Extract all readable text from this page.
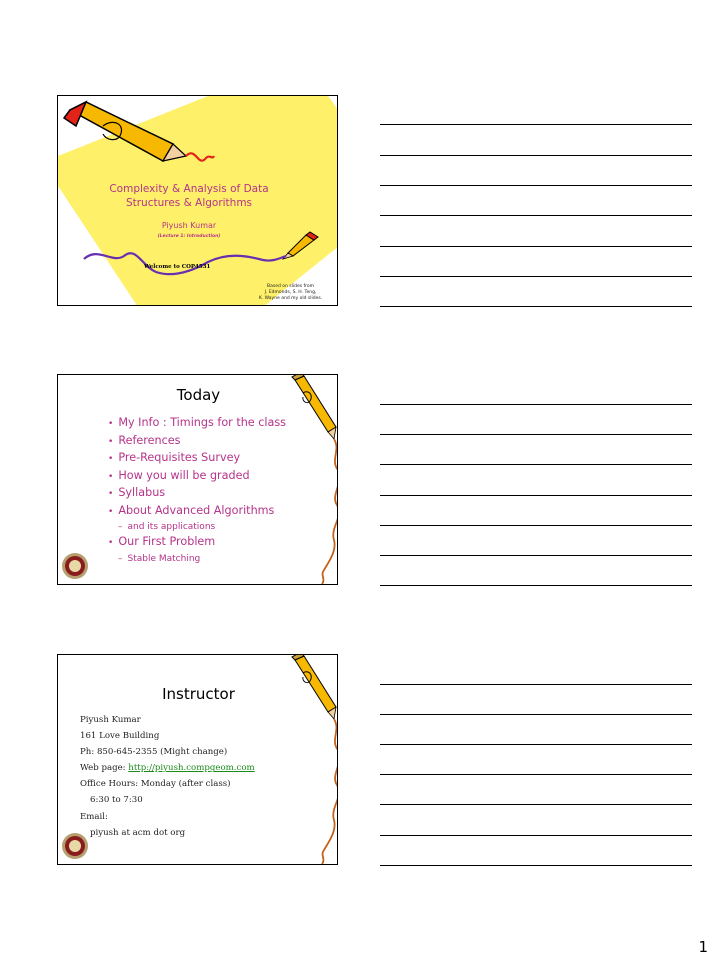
Complexity & Analysis of Data
Structures & Algorithms
Piyush Kumar
(Lecture 1: Introduction)
Welcome to COP4531
Based on slides from
J. Edmonds, S. H. Teng,
K. Wayne and my old slides.
Today
• My Info : Timings for the class
• References
• Pre-Requisites Survey
• How you will be graded
• Syllabus
• About Advanced Algorithms
– and its applications
• Our First Problem
– Stable Matching
Instructor
Piyush Kumar
161 Love Building
Ph: 850-645-2355 (Might change)
Web page: http://piyush.compgeom.com
Office Hours: Monday (after class)

6:30 to 7:30
Email:

piyush at acm dot org
1
